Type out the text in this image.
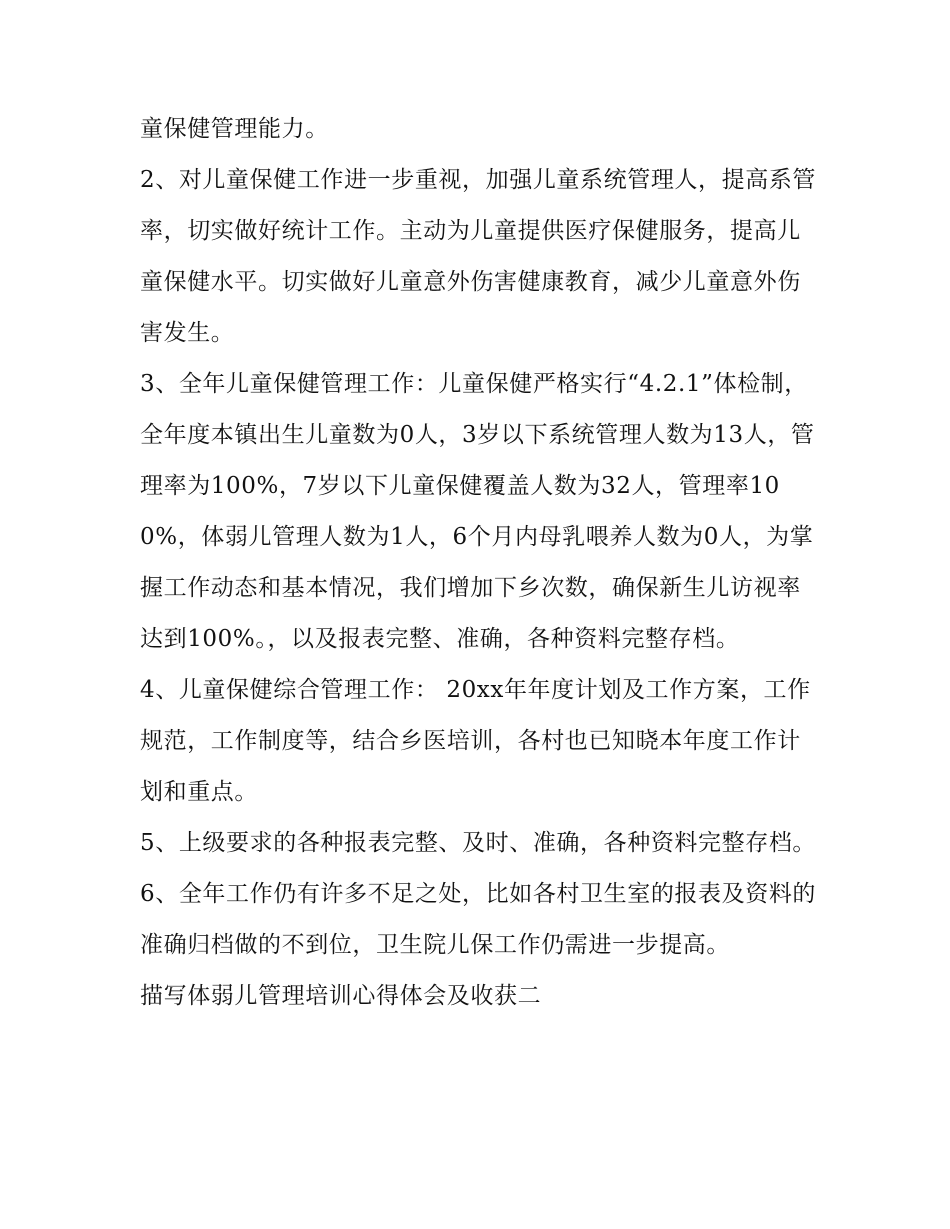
童保健管理能力。

2、对儿童保健工作进一步重视，加强儿童系统管理人，提高系管率，切实做好统计工作。主动为儿童提供医疗保健服务，提高儿童保健水平。切实做好儿童意外伤害健康教育，减少儿童意外伤害发生。

3、全年儿童保健管理工作：儿童保健严格实行“4.2.1”体检制，全年度本镇出生儿童数为0人，3岁以下系统管理人数为13人，管理率为100%，7岁以下儿童保健覆盖人数为32人，管理率100%，体弱儿管理人数为1人，6个月内母乳喂养人数为0人，为掌握工作动态和基本情况，我们增加下乡次数，确保新生儿访视率达到100%。，以及报表完整、准确，各种资料完整存档。

4、儿童保健综合管理工作： 20xx年年度计划及工作方案，工作规范，工作制度等，结合乡医培训，各村也已知晓本年度工作计划和重点。

5、上级要求的各种报表完整、及时、准确，各种资料完整存档。

6、全年工作仍有许多不足之处，比如各村卫生室的报表及资料的准确归档做的不到位，卫生院儿保工作仍需进一步提高。

描写体弱儿管理培训心得体会及收获二
